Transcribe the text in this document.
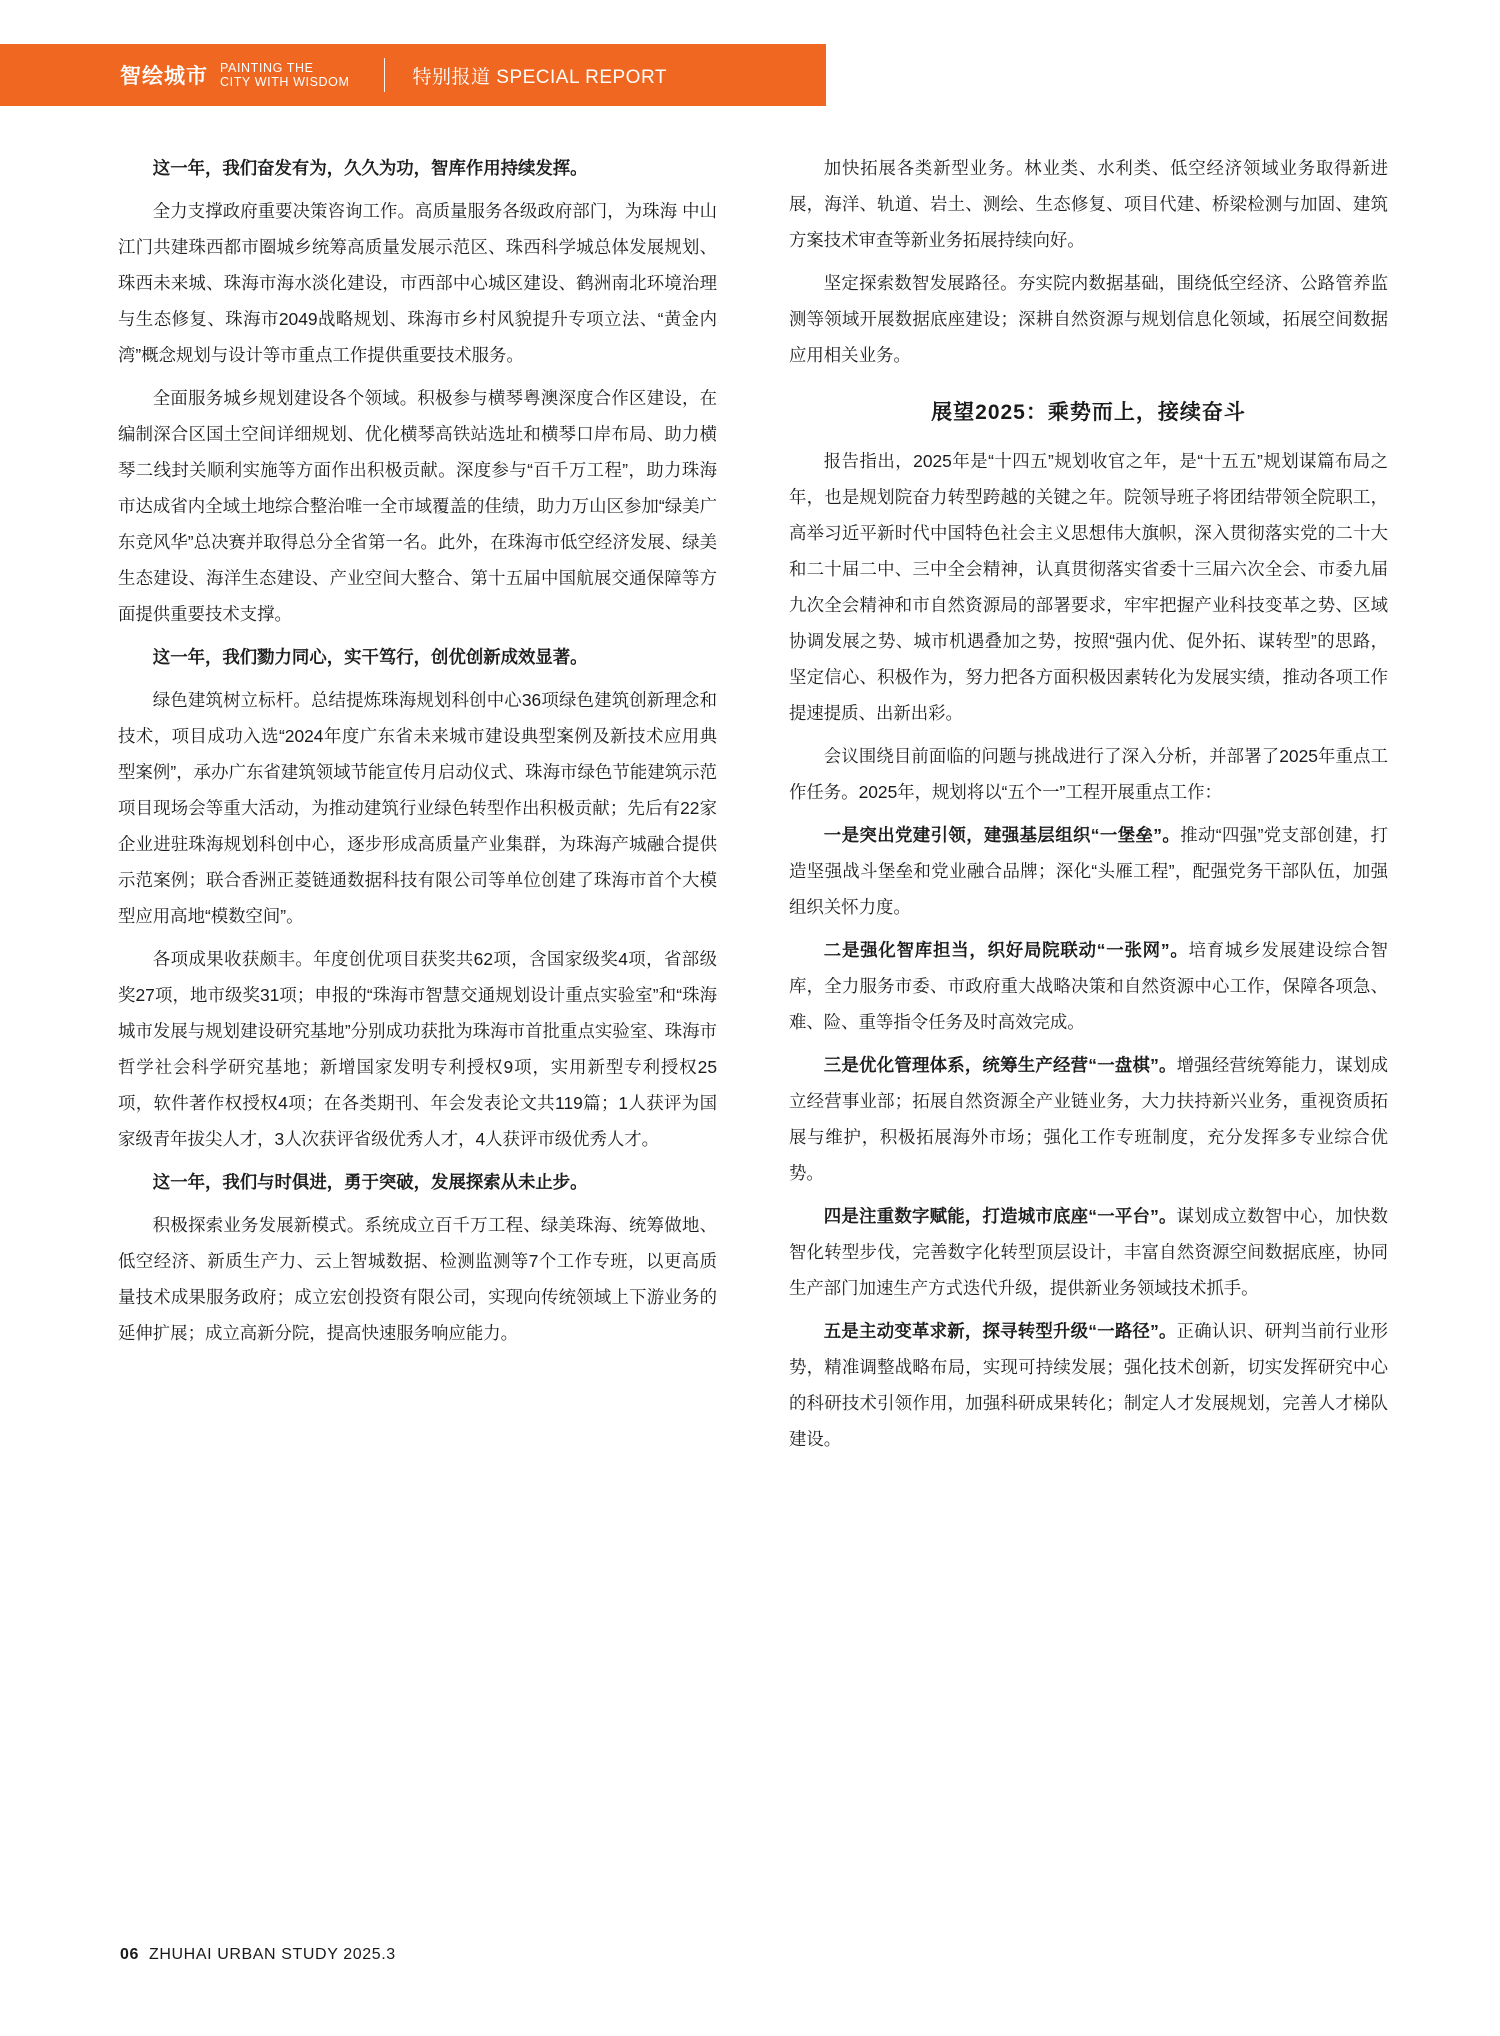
智绘城市 PAINTING THE
CITY WITH WISDOM	特别报道 SPECIAL REPORT

这一年，我们奋发有为，久久为功，智库作用持续发挥。

全力支撑政府重要决策咨询工作。高质量服务各级政府部门，为珠海 中山 江门共建珠西都市圈城乡统筹高质量发展示范区、珠西科学城总体发展规划、珠西未来城、珠海市海水淡化建设，市西部中心城区建设、鹤洲南北环境治理与生态修复、珠海市2049战略规划、珠海市乡村风貌提升专项立法、“黄金内湾”概念规划与设计等市重点工作提供重要技术服务。

全面服务城乡规划建设各个领域。积极参与横琴粤澳深度合作区建设，在编制深合区国土空间详细规划、优化横琴高铁站选址和横琴口岸布局、助力横琴二线封关顺利实施等方面作出积极贡献。深度参与“百千万工程”，助力珠海市达成省内全域土地综合整治唯一全市域覆盖的佳绩，助力万山区参加“绿美广东竞风华”总决赛并取得总分全省第一名。此外，在珠海市低空经济发展、绿美生态建设、海洋生态建设、产业空间大整合、第十五届中国航展交通保障等方面提供重要技术支撑。

这一年，我们勠力同心，实干笃行，创优创新成效显著。

绿色建筑树立标杆。总结提炼珠海规划科创中心36项绿色建筑创新理念和技术，项目成功入选“2024年度广东省未来城市建设典型案例及新技术应用典型案例”，承办广东省建筑领域节能宣传月启动仪式、珠海市绿色节能建筑示范项目现场会等重大活动，为推动建筑行业绿色转型作出积极贡献；先后有22家企业进驻珠海规划科创中心，逐步形成高质量产业集群，为珠海产城融合提供示范案例；联合香洲正菱链通数据科技有限公司等单位创建了珠海市首个大模型应用高地“模数空间”。

各项成果收获颇丰。年度创优项目获奖共62项，含国家级奖4项，省部级奖27项，地市级奖31项；申报的“珠海市智慧交通规划设计重点实验室”和“珠海城市发展与规划建设研究基地”分别成功获批为珠海市首批重点实验室、珠海市哲学社会科学研究基地；新增国家发明专利授权9项，实用新型专利授权25项，软件著作权授权4项；在各类期刊、年会发表论文共119篇；1人获评为国家级青年拔尖人才，3人次获评省级优秀人才，4人获评市级优秀人才。

这一年，我们与时俱进，勇于突破，发展探索从未止步。

积极探索业务发展新模式。系统成立百千万工程、绿美珠海、统筹做地、低空经济、新质生产力、云上智城数据、检测监测等7个工作专班，以更高质量技术成果服务政府；成立宏创投资有限公司，实现向传统领域上下游业务的延伸扩展；成立高新分院，提高快速服务响应能力。

加快拓展各类新型业务。林业类、水利类、低空经济领域业务取得新进展，海洋、轨道、岩土、测绘、生态修复、项目代建、桥梁检测与加固、建筑方案技术审查等新业务拓展持续向好。

坚定探索数智发展路径。夯实院内数据基础，围绕低空经济、公路管养监测等领域开展数据底座建设；深耕自然资源与规划信息化领域，拓展空间数据应用相关业务。

展望2025：乘势而上，接续奋斗

报告指出，2025年是“十四五”规划收官之年，是“十五五”规划谋篇布局之年，也是规划院奋力转型跨越的关键之年。院领导班子将团结带领全院职工，高举习近平新时代中国特色社会主义思想伟大旗帜，深入贯彻落实党的二十大和二十届二中、三中全会精神，认真贯彻落实省委十三届六次全会、市委九届九次全会精神和市自然资源局的部署要求，牢牢把握产业科技变革之势、区域协调发展之势、城市机遇叠加之势，按照“强内优、促外拓、谋转型”的思路，坚定信心、积极作为，努力把各方面积极因素转化为发展实绩，推动各项工作提速提质、出新出彩。

会议围绕目前面临的问题与挑战进行了深入分析，并部署了2025年重点工作任务。2025年，规划将以“五个一”工程开展重点工作：

一是突出党建引领，建强基层组织“一堡垒”。推动“四强”党支部创建，打造坚强战斗堡垒和党业融合品牌；深化“头雁工程”，配强党务干部队伍，加强组织关怀力度。

二是强化智库担当，织好局院联动“一张网”。培育城乡发展建设综合智库，全力服务市委、市政府重大战略决策和自然资源中心工作，保障各项急、难、险、重等指令任务及时高效完成。

三是优化管理体系，统筹生产经营“一盘棋”。增强经营统筹能力，谋划成立经营事业部；拓展自然资源全产业链业务，大力扶持新兴业务，重视资质拓展与维护，积极拓展海外市场；强化工作专班制度，充分发挥多专业综合优势。

四是注重数字赋能，打造城市底座“一平台”。谋划成立数智中心，加快数智化转型步伐，完善数字化转型顶层设计，丰富自然资源空间数据底座，协同生产部门加速生产方式迭代升级，提供新业务领域技术抓手。

五是主动变革求新，探寻转型升级“一路径”。正确认识、研判当前行业形势，精准调整战略布局，实现可持续发展；强化技术创新，切实发挥研究中心的科研技术引领作用，加强科研成果转化；制定人才发展规划，完善人才梯队建设。

06 ZHUHAI URBAN STUDY 2025.3
